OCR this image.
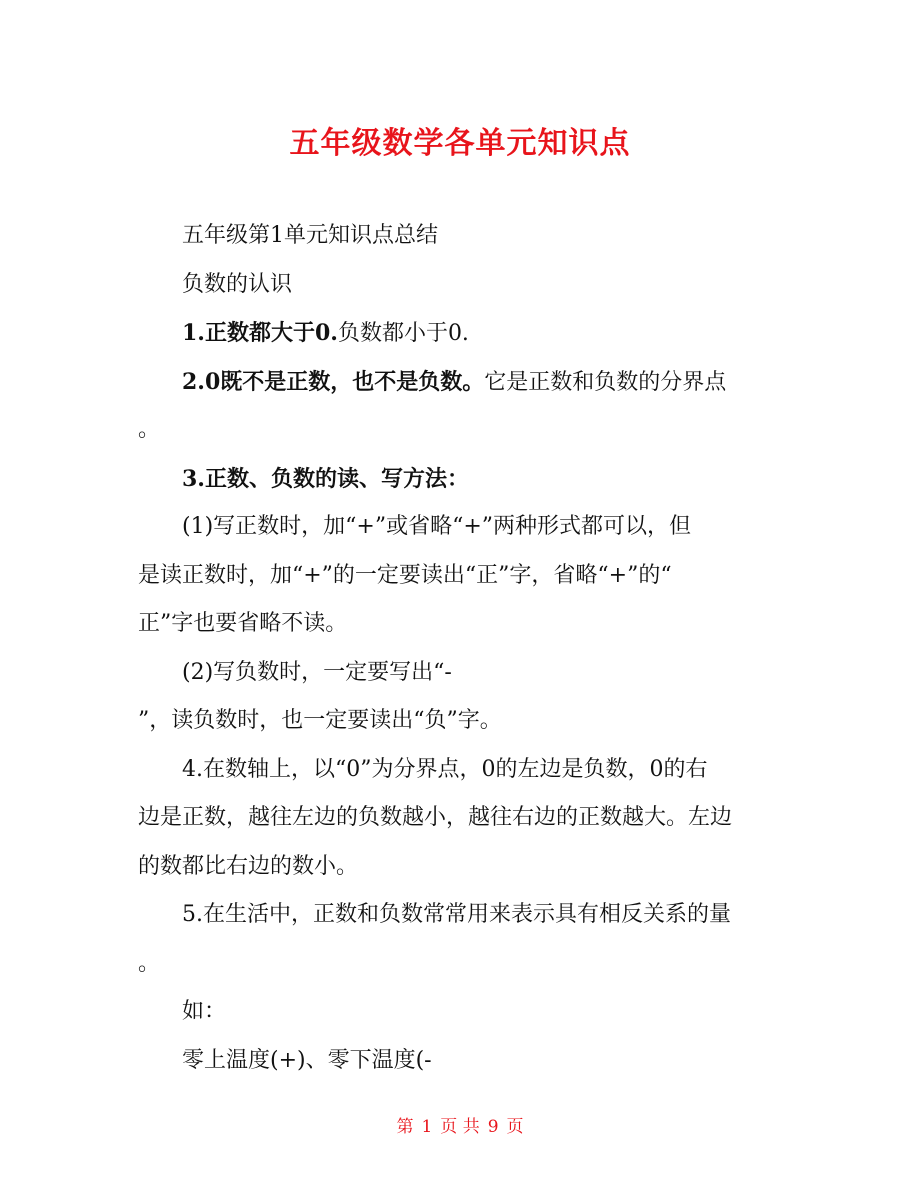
五年级数学各单元知识点
五年级第1单元知识点总结
负数的认识
1.正数都大于0.负数都小于0.
2.0既不是正数，也不是负数。它是正数和负数的分界点
。
3.正数、负数的读、写方法：
(1)写正数时，加“+”或省略“+”两种形式都可以，但
是读正数时，加“+”的一定要读出“正”字，省略“+”的“
正”字也要省略不读。
(2)写负数时，一定要写出“-
”，读负数时，也一定要读出“负”字。
4.在数轴上，以“0”为分界点，0的左边是负数，0的右
边是正数，越往左边的负数越小，越往右边的正数越大。左边
的数都比右边的数小。
5.在生活中，正数和负数常常用来表示具有相反关系的量
。
如：
零上温度(+)、零下温度(-
第 1 页 共 9 页
